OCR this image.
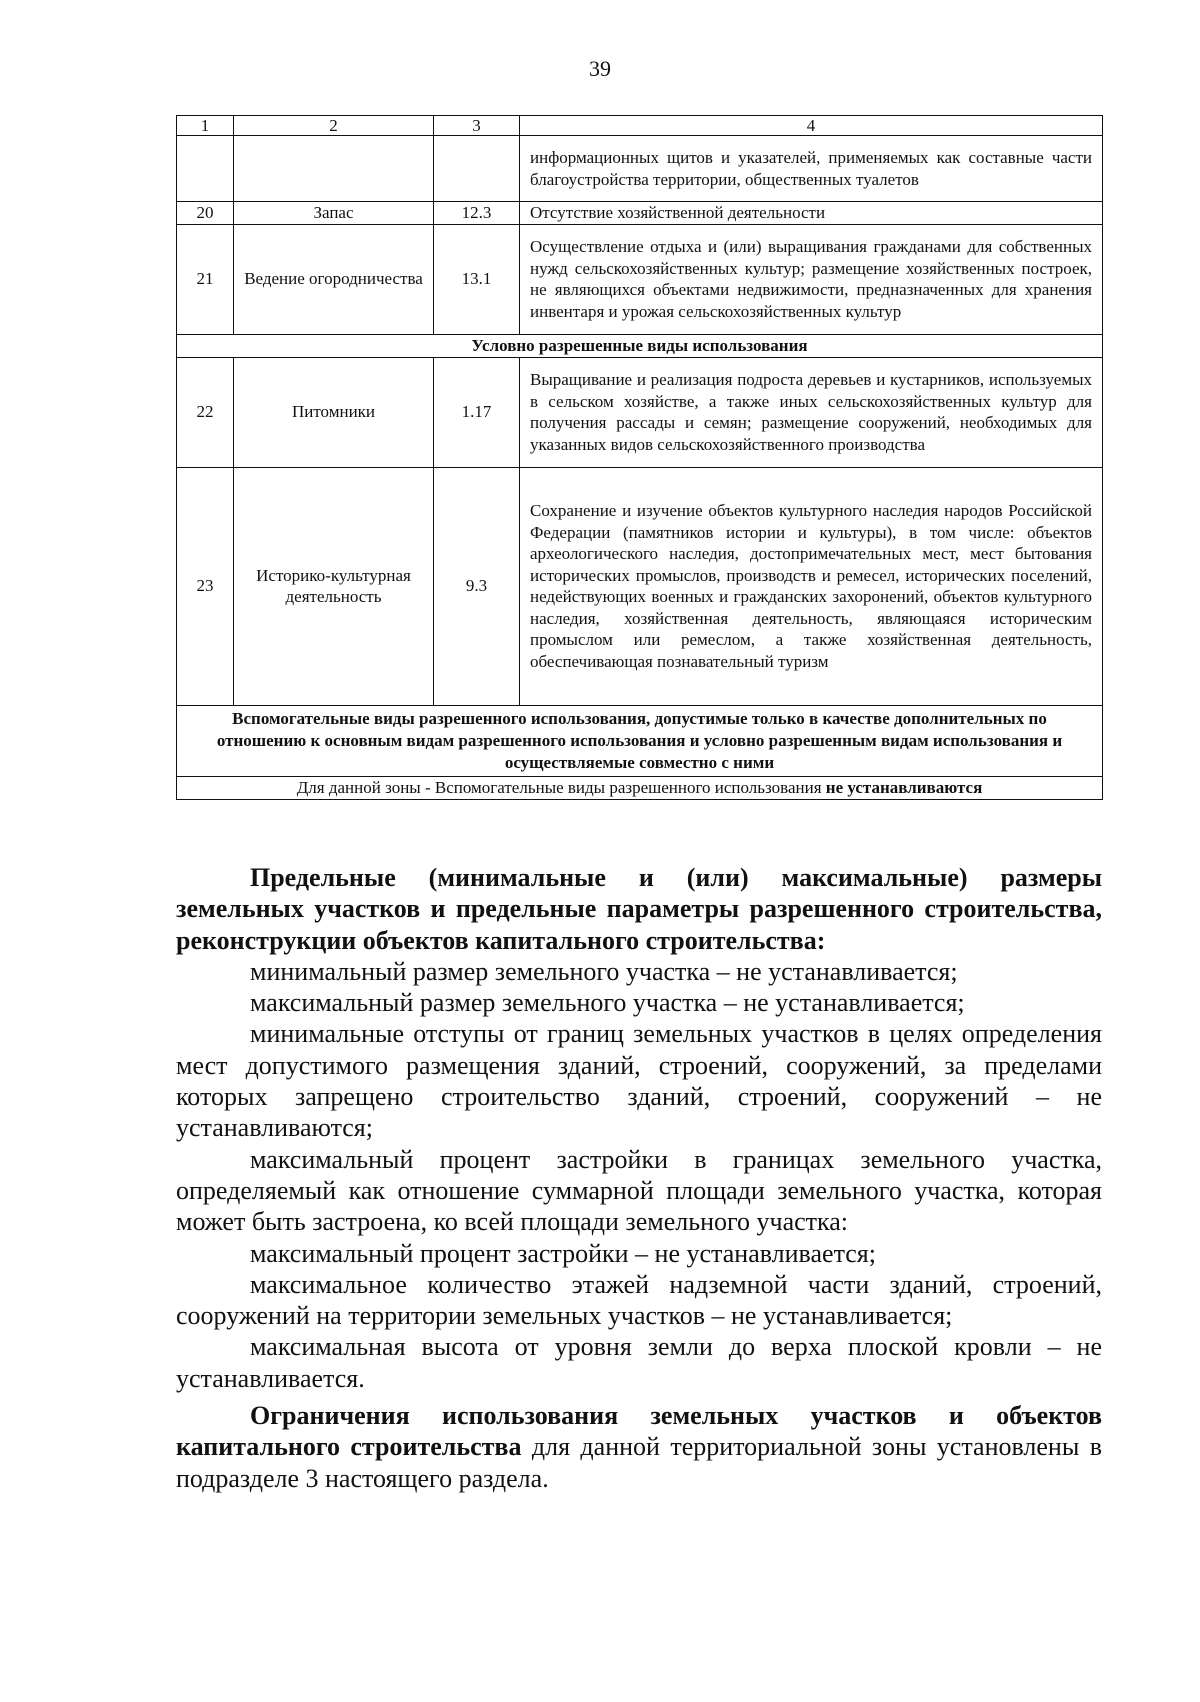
39
1	2	3	4
			информационных щитов и указателей, применяемых как составные части благоустройства территории, общественных туалетов
20	Запас	12.3	Отсутствие хозяйственной деятельности
21	Ведение огородничества	13.1	Осуществление отдыха и (или) выращивания гражданами для собственных нужд сельскохозяйственных культур; размещение хозяйственных построек, не являющихся объектами недвижимости, предназначенных для хранения инвентаря и урожая сельскохозяйственных культур
Условно разрешенные виды использования			
22	Питомники	1.17	Выращивание и реализация подроста деревьев и кустарников, используемых в сельском хозяйстве, а также иных сельскохозяйственных культур для получения рассады и семян; размещение сооружений, необходимых для указанных видов сельскохозяйственного производства
23	Историко-культурная деятельность	9.3	Сохранение и изучение объектов культурного наследия народов Российской Федерации (памятников истории и культуры), в том числе: объектов археологического наследия, достопримечательных мест, мест бытования исторических промыслов, производств и ремесел, исторических поселений, недействующих военных и гражданских захоронений, объектов культурного наследия, хозяйственная деятельность, являющаяся историческим промыслом или ремеслом, а также хозяйственная деятельность, обеспечивающая познавательный туризм
Вспомогательные виды разрешенного использования, допустимые только в качестве дополнительных по отношению к основным видам разрешенного использования и условно разрешенным видам использования и осуществляемые совместно с ними			
Для данной зоны - Вспомогательные виды разрешенного использования не устанавливаются			

Предельные (минимальные и (или) максимальные) размеры земельных участков и предельные параметры разрешенного строительства, реконструкции объектов капитального строительства:

минимальный размер земельного участка – не устанавливается;

максимальный размер земельного участка – не устанавливается;

минимальные отступы от границ земельных участков в целях определения мест допустимого размещения зданий, строений, сооружений, за пределами которых запрещено строительство зданий, строений, сооружений – не устанавливаются;

максимальный процент застройки в границах земельного участка, определяемый как отношение суммарной площади земельного участка, которая может быть застроена, ко всей площади земельного участка:

максимальный процент застройки – не устанавливается;

максимальное количество этажей надземной части зданий, строений, сооружений на территории земельных участков – не устанавливается;

максимальная высота от уровня земли до верха плоской кровли – не устанавливается.

Ограничения использования земельных участков и объектов капитального строительства для данной территориальной зоны установлены в подразделе 3 настоящего раздела.
